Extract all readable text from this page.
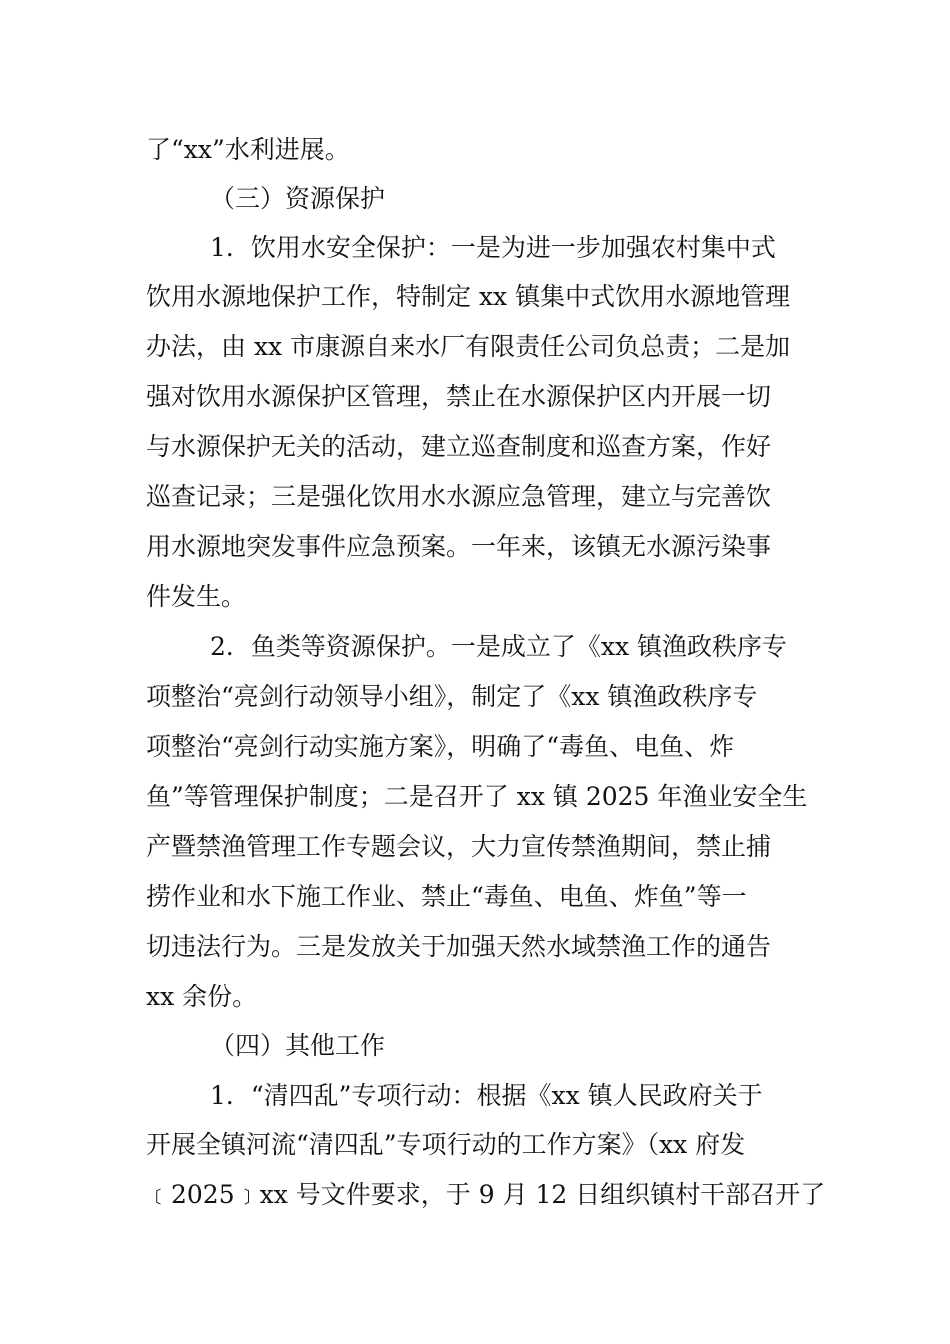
了“xx”水利进展。
（三）资源保护
1．饮用水安全保护：一是为进一步加强农村集中式
饮用水源地保护工作，特制定 xx 镇集中式饮用水源地管理
办法，由 xx 市康源自来水厂有限责任公司负总责；二是加
强对饮用水源保护区管理，禁止在水源保护区内开展一切
与水源保护无关的活动，建立巡查制度和巡查方案，作好
巡查记录；三是强化饮用水水源应急管理，建立与完善饮
用水源地突发事件应急预案。一年来，该镇无水源污染事
件发生。
2．鱼类等资源保护。一是成立了《xx 镇渔政秩序专
项整治“亮剑行动领导小组》，制定了《xx 镇渔政秩序专
项整治“亮剑行动实施方案》，明确了“毒鱼、电鱼、炸
鱼”等管理保护制度；二是召开了 xx 镇 2025 年渔业安全生
产暨禁渔管理工作专题会议，大力宣传禁渔期间，禁止捕
捞作业和水下施工作业、禁止“毒鱼、电鱼、炸鱼”等一
切违法行为。三是发放关于加强天然水域禁渔工作的通告
xx 余份。
（四）其他工作
1．“清四乱”专项行动：根据《xx 镇人民政府关于
开展全镇河流“清四乱”专项行动的工作方案》（xx 府发
﹝2025﹞xx 号文件要求，于 9 月 12 日组织镇村干部召开了
